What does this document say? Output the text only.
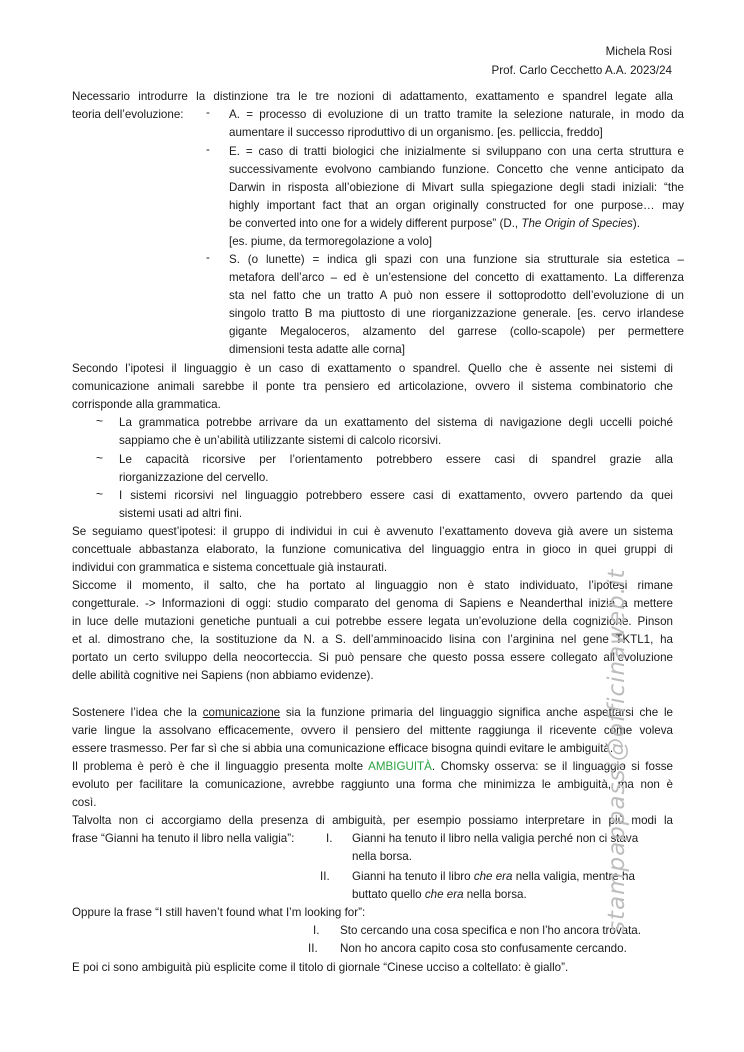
Michela Rosi
Prof. Carlo Cecchetto A.A. 2023/24
Necessario introdurre la distinzione tra le tre nozioni di adattamento, exattamento e spandrel legate alla
teoria dell’evoluzione:	- A. = processo di evoluzione di un tratto tramite la selezione naturale, in modo da
aumentare il successo riproduttivo di un organismo. [es. pelliccia, freddo]
- E. = caso di tratti biologici che inizialmente si sviluppano con una certa struttura e
successivamente evolvono cambiando funzione. Concetto che venne anticipato da
Darwin in risposta all’obiezione di Mivart sulla spiegazione degli stadi iniziali: “the
highly important fact that an organ originally constructed for one purpose… may
be converted into one for a widely different purpose” (D., The Origin of Species).
[es. piume, da termoregolazione a volo]
- S. (o lunette) = indica gli spazi con una funzione sia strutturale sia estetica –
metafora dell’arco – ed è un’estensione del concetto di exattamento. La differenza
sta nel fatto che un tratto A può non essere il sottoprodotto dell’evoluzione di un
singolo tratto B ma piuttosto di une riorganizzazione generale. [es. cervo irlandese
gigante Megaloceros, alzamento del garrese (collo-scapole) per permettere
dimensioni testa adatte alle corna]
Secondo l’ipotesi il linguaggio è un caso di exattamento o spandrel. Quello che è assente nei sistemi di
comunicazione animali sarebbe il ponte tra pensiero ed articolazione, ovvero il sistema combinatorio che
corrisponde alla grammatica.
~ La grammatica potrebbe arrivare da un exattamento del sistema di navigazione degli uccelli poiché
sappiamo che è un’abilità utilizzante sistemi di calcolo ricorsivi.
~ Le capacità ricorsive per l’orientamento potrebbero essere casi di spandrel grazie alla
riorganizzazione del cervello.
~ I sistemi ricorsivi nel linguaggio potrebbero essere casi di exattamento, ovvero partendo da quei
sistemi usati ad altri fini.
Se seguiamo quest’ipotesi: il gruppo di individui in cui è avvenuto l’exattamento doveva già avere un sistema
concettuale abbastanza elaborato, la funzione comunicativa del linguaggio entra in gioco in quei gruppi di
individui con grammatica e sistema concettuale già instaurati.
Siccome il momento, il salto, che ha portato al linguaggio non è stato individuato, l’ipotesi rimane
congetturale. -> Informazioni di oggi: studio comparato del genoma di Sapiens e Neanderthal inizia a mettere
in luce delle mutazioni genetiche puntuali a cui potrebbe essere legata un’evoluzione della cognizione. Pinson
et al. dimostrano che, la sostituzione da N. a S. dell’amminoacido lisina con l’arginina nel gene TKTL1, ha
portato un certo sviluppo della neocorteccia. Si può pensare che questo possa essere collegato all’evoluzione
delle abilità cognitive nei Sapiens (non abbiamo evidenze).
Sostenere l’idea che la comunicazione sia la funzione primaria del linguaggio significa anche aspettarsi che le
varie lingue la assolvano efficacemente, ovvero il pensiero del mittente raggiunga il ricevente come voleva
essere trasmesso. Per far sì che si abbia una comunicazione efficace bisogna quindi evitare le ambiguità.
Il problema è però è che il linguaggio presenta molte AMBIGUITÀ. Chomsky osserva: se il linguaggio si fosse
evoluto per facilitare la comunicazione, avrebbe raggiunto una forma che minimizza le ambiguità, ma non è
così.
Talvolta non ci accorgiamo della presenza di ambiguità, per esempio possiamo interpretare in più modi la
frase “Gianni ha tenuto il libro nella valigia”:	I. Gianni ha tenuto il libro nella valigia perché non ci stava
nella borsa.
II. Gianni ha tenuto il libro che era nella valigia, mentre ha
buttato quello che era nella borsa.
Oppure la frase “I still haven’t found what I’m looking for”:
I. Sto cercando una cosa specifica e non l’ho ancora trovata.
II. Non ho ancora capito cosa sto confusamente cercando.
E poi ci sono ambiguità più esplicite come il titolo di giornale “Cinese ucciso a coltellato: è giallo”.
stampappassi@officinaweb.it
